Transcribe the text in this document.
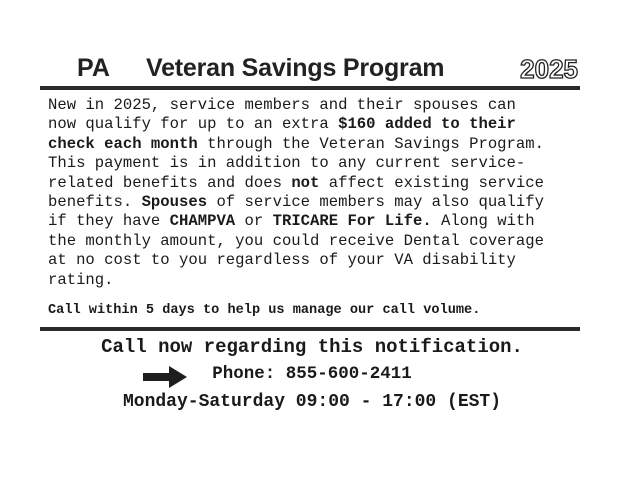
PA Veteran Savings Program	2025
New in 2025, service members and their spouses can
now qualify for up to an extra $160 added to their
check each month through the Veteran Savings Program.
This payment is in addition to any current service-
related benefits and does not affect existing service
benefits. Spouses of service members may also qualify
if they have CHAMPVA or TRICARE For Life. Along with
the monthly amount, you could receive Dental coverage
at no cost to you regardless of your VA disability
rating.
Call within 5 days to help us manage our call volume.
Call now regarding this notification.
Phone: 855-600-2411
Monday-Saturday 09:00 - 17:00 (EST)
